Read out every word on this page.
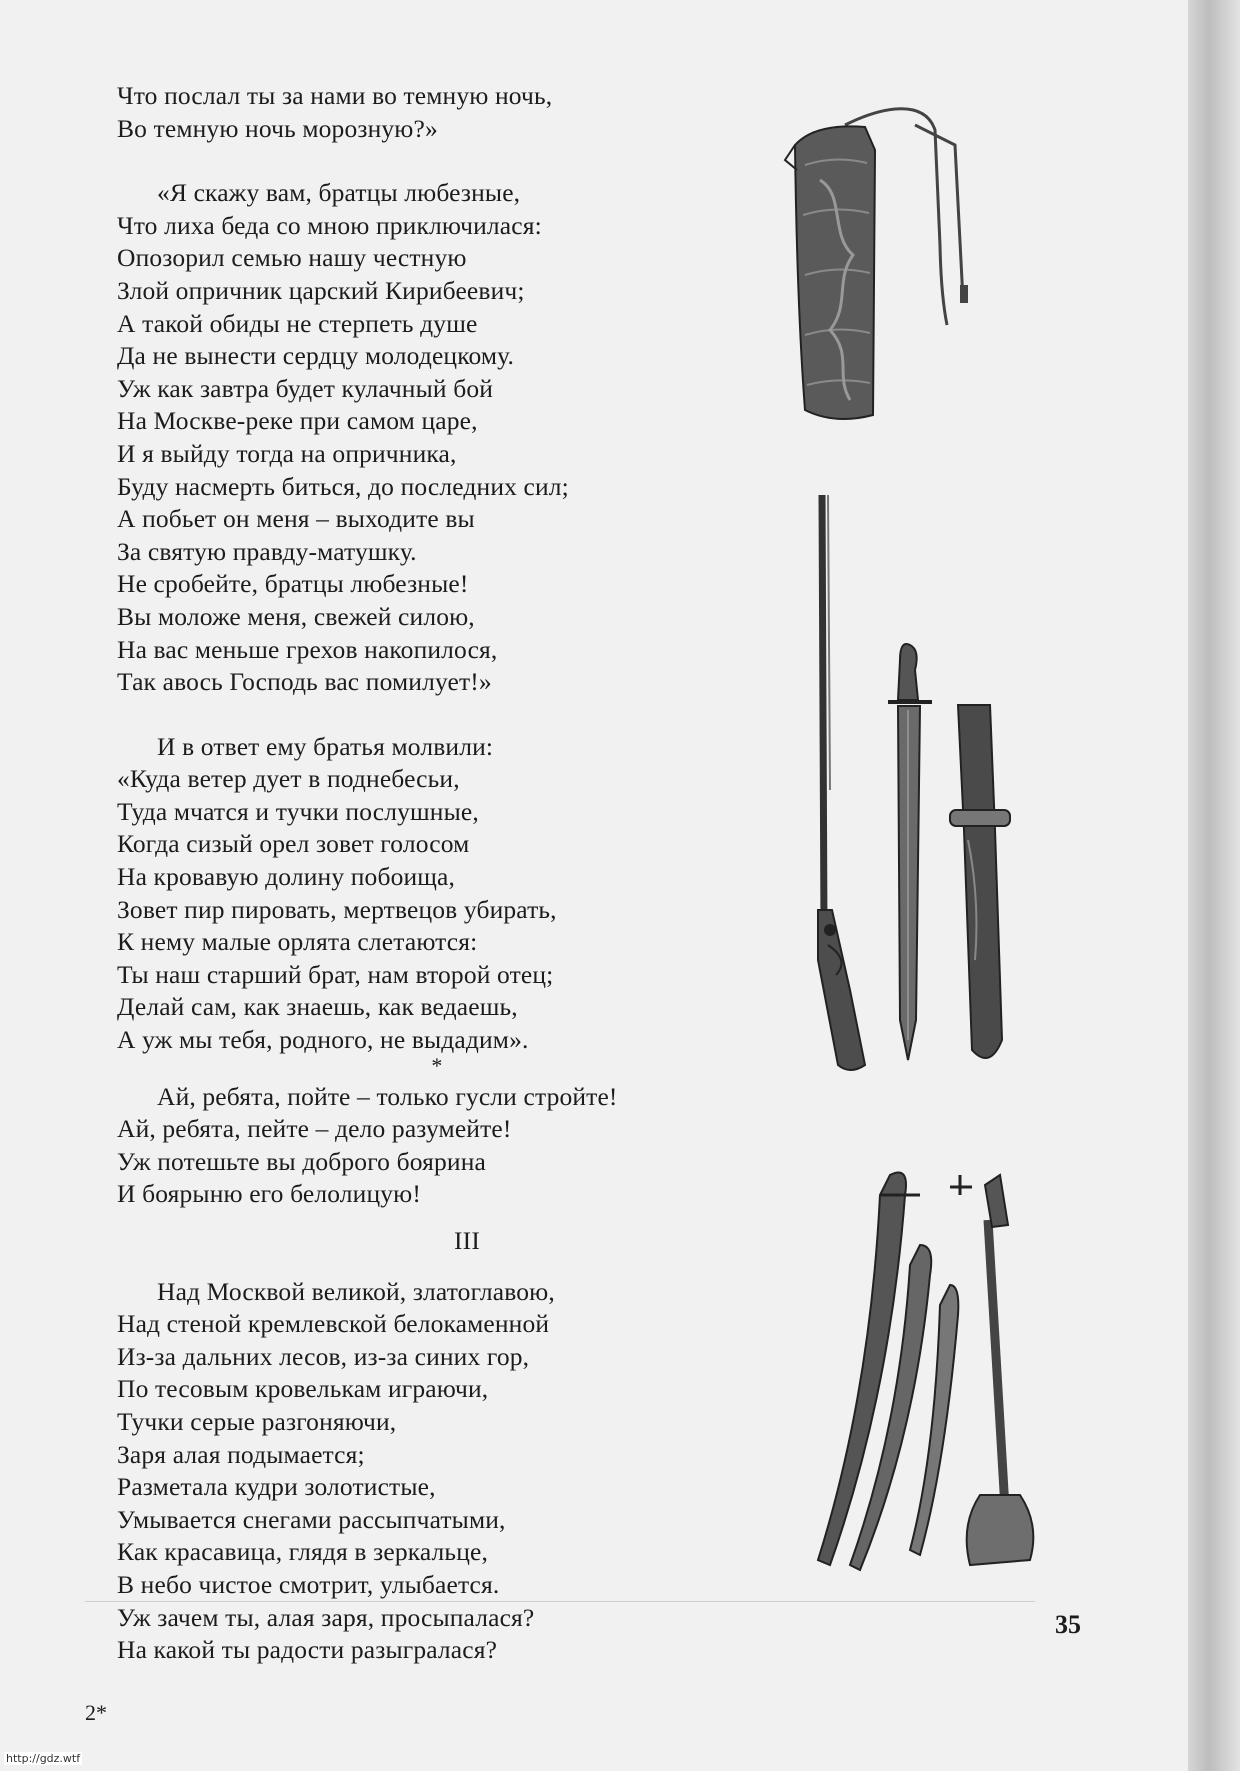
Что послал ты за нами во темную ночь,
Во темную ночь морозную?»
«Я скажу вам, братцы любезные,
Что лиха беда со мною приключилася:
Опозорил семью нашу честную
Злой опричник царский Кирибеевич;
А такой обиды не стерпеть душе
Да не вынести сердцу молодецкому.
Уж как завтра будет кулачный бой
На Москве-реке при самом царе,
И я выйду тогда на опричника,
Буду насмерть биться, до последних сил;
А побьет он меня – выходите вы
За святую правду-матушку.
Не сробейте, братцы любезные!
Вы моложе меня, свежей силою,
На вас меньше грехов накопилося,
Так авось Господь вас помилует!»
И в ответ ему братья молвили:
«Куда ветер дует в поднебесьи,
Туда мчатся и тучки послушные,
Когда сизый орел зовет голосом
На кровавую долину побоища,
Зовет пир пировать, мертвецов убирать,
К нему малые орлята слетаются:
Ты наш старший брат, нам второй отец;
Делай сам, как знаешь, как ведаешь,
А уж мы тебя, родного, не выдадим».
*
Ай, ребята, пойте – только гусли стройте!
Ай, ребята, пейте – дело разумейте!
Уж потешьте вы доброго боярина
И боярыню его белолицую!
III
Над Москвой великой, златоглавою,
Над стеной кремлевской белокаменной
Из-за дальних лесов, из-за синих гор,
По тесовым кровелькам играючи,
Тучки серые разгоняючи,
Заря алая подымается;
Разметала кудри золотистые,
Умывается снегами рассыпчатыми,
Как красавица, глядя в зеркальце,
В небо чистое смотрит, улыбается.
Уж зачем ты, алая заря, просыпалася?
На какой ты радости разыгралася?
35
2*
http://gdz.wtf
